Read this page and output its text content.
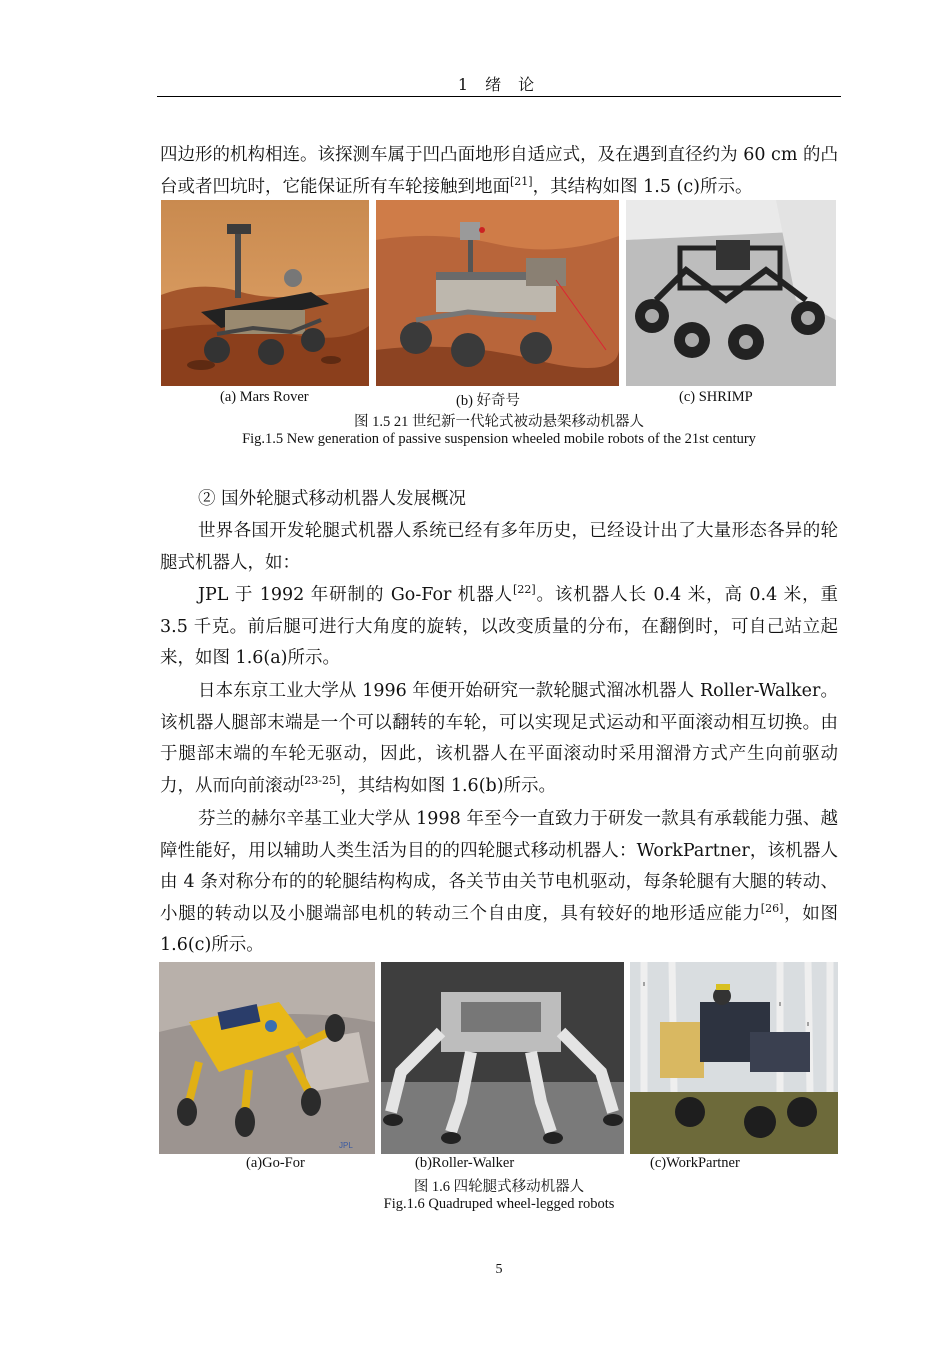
1 绪 论

四边形的机构相连。该探测车属于凹凸面地形自适应式，及在遇到直径约为 60 cm 的凸台或者凹坑时，它能保证所有车轮接触到地面[21]，其结构如图 1.5 (c)所示。

(a) Mars Rover	(b) 好奇号	(c) SHRIMP
图 1.5 21 世纪新一代轮式被动悬架移动机器人
Fig.1.5 New generation of passive suspension wheeled mobile robots of the 21st century
② 国外轮腿式移动机器人发展概况

世界各国开发轮腿式机器人系统已经有多年历史，已经设计出了大量形态各异的轮腿式机器人，如：

JPL 于 1992 年研制的 Go-For 机器人[22]。该机器人长 0.4 米，高 0.4 米，重 3.5 千克。前后腿可进行大角度的旋转，以改变质量的分布，在翻倒时，可自己站立起来，如图 1.6(a)所示。

日本东京工业大学从 1996 年便开始研究一款轮腿式溜冰机器人 Roller-Walker。该机器人腿部末端是一个可以翻转的车轮，可以实现足式运动和平面滚动相互切换。由于腿部末端的车轮无驱动，因此，该机器人在平面滚动时采用溜滑方式产生向前驱动力，从而向前滚动[23-25]，其结构如图 1.6(b)所示。

芬兰的赫尔辛基工业大学从 1998 年至今一直致力于研发一款具有承载能力强、越障性能好，用以辅助人类生活为目的的四轮腿式移动机器人：WorkPartner，该机器人由 4 条对称分布的的轮腿结构构成，各关节由关节电机驱动，每条轮腿有大腿的转动、小腿的转动以及小腿端部电机的转动三个自由度，具有较好的地形适应能力[26]，如图 1.6(c)所示。

JPL
(a)Go-For	(b)Roller-Walker	(c)WorkPartner
图 1.6 四轮腿式移动机器人
Fig.1.6 Quadruped wheel-legged robots
5
